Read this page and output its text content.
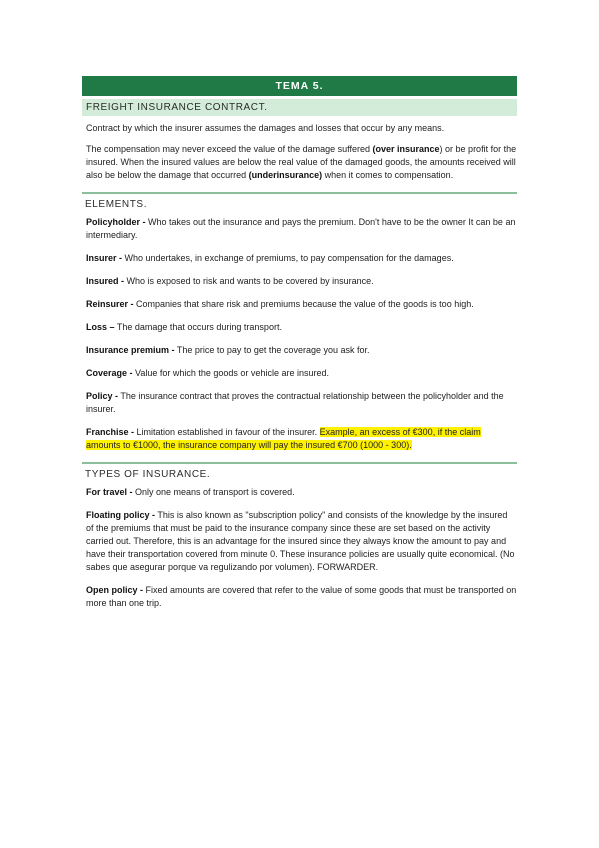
TEMA 5.
FREIGHT INSURANCE CONTRACT.

Contract by which the insurer assumes the damages and losses that occur by any means.

The compensation may never exceed the value of the damage suffered (over insurance) or be profit for the insured. When the insured values are below the real value of the damaged goods, the amounts received will also be below the damage that occurred (underinsurance) when it comes to compensation.

ELEMENTS.

Policyholder - Who takes out the insurance and pays the premium. Don't have to be the owner It can be an intermediary.

Insurer - Who undertakes, in exchange of premiums, to pay compensation for the damages.

Insured - Who is exposed to risk and wants to be covered by insurance.

Reinsurer - Companies that share risk and premiums because the value of the goods is too high.

Loss – The damage that occurs during transport.

Insurance premium - The price to pay to get the coverage you ask for.

Coverage - Value for which the goods or vehicle are insured.

Policy - The insurance contract that proves the contractual relationship between the policyholder and the insurer.

Franchise - Limitation established in favour of the insurer. Example, an excess of €300, if the claim amounts to €1000, the insurance company will pay the insured €700 (1000 - 300).

TYPES OF INSURANCE.

For travel - Only one means of transport is covered.

Floating policy - This is also known as "subscription policy" and consists of the knowledge by the insured of the premiums that must be paid to the insurance company since these are set based on the activity carried out. Therefore, this is an advantage for the insured since they always know the amount to pay and have their transportation covered from minute 0. These insurance policies are usually quite economical. (No sabes que asegurar porque va regulizando por volumen). FORWARDER.

Open policy - Fixed amounts are covered that refer to the value of some goods that must be transported on more than one trip.
